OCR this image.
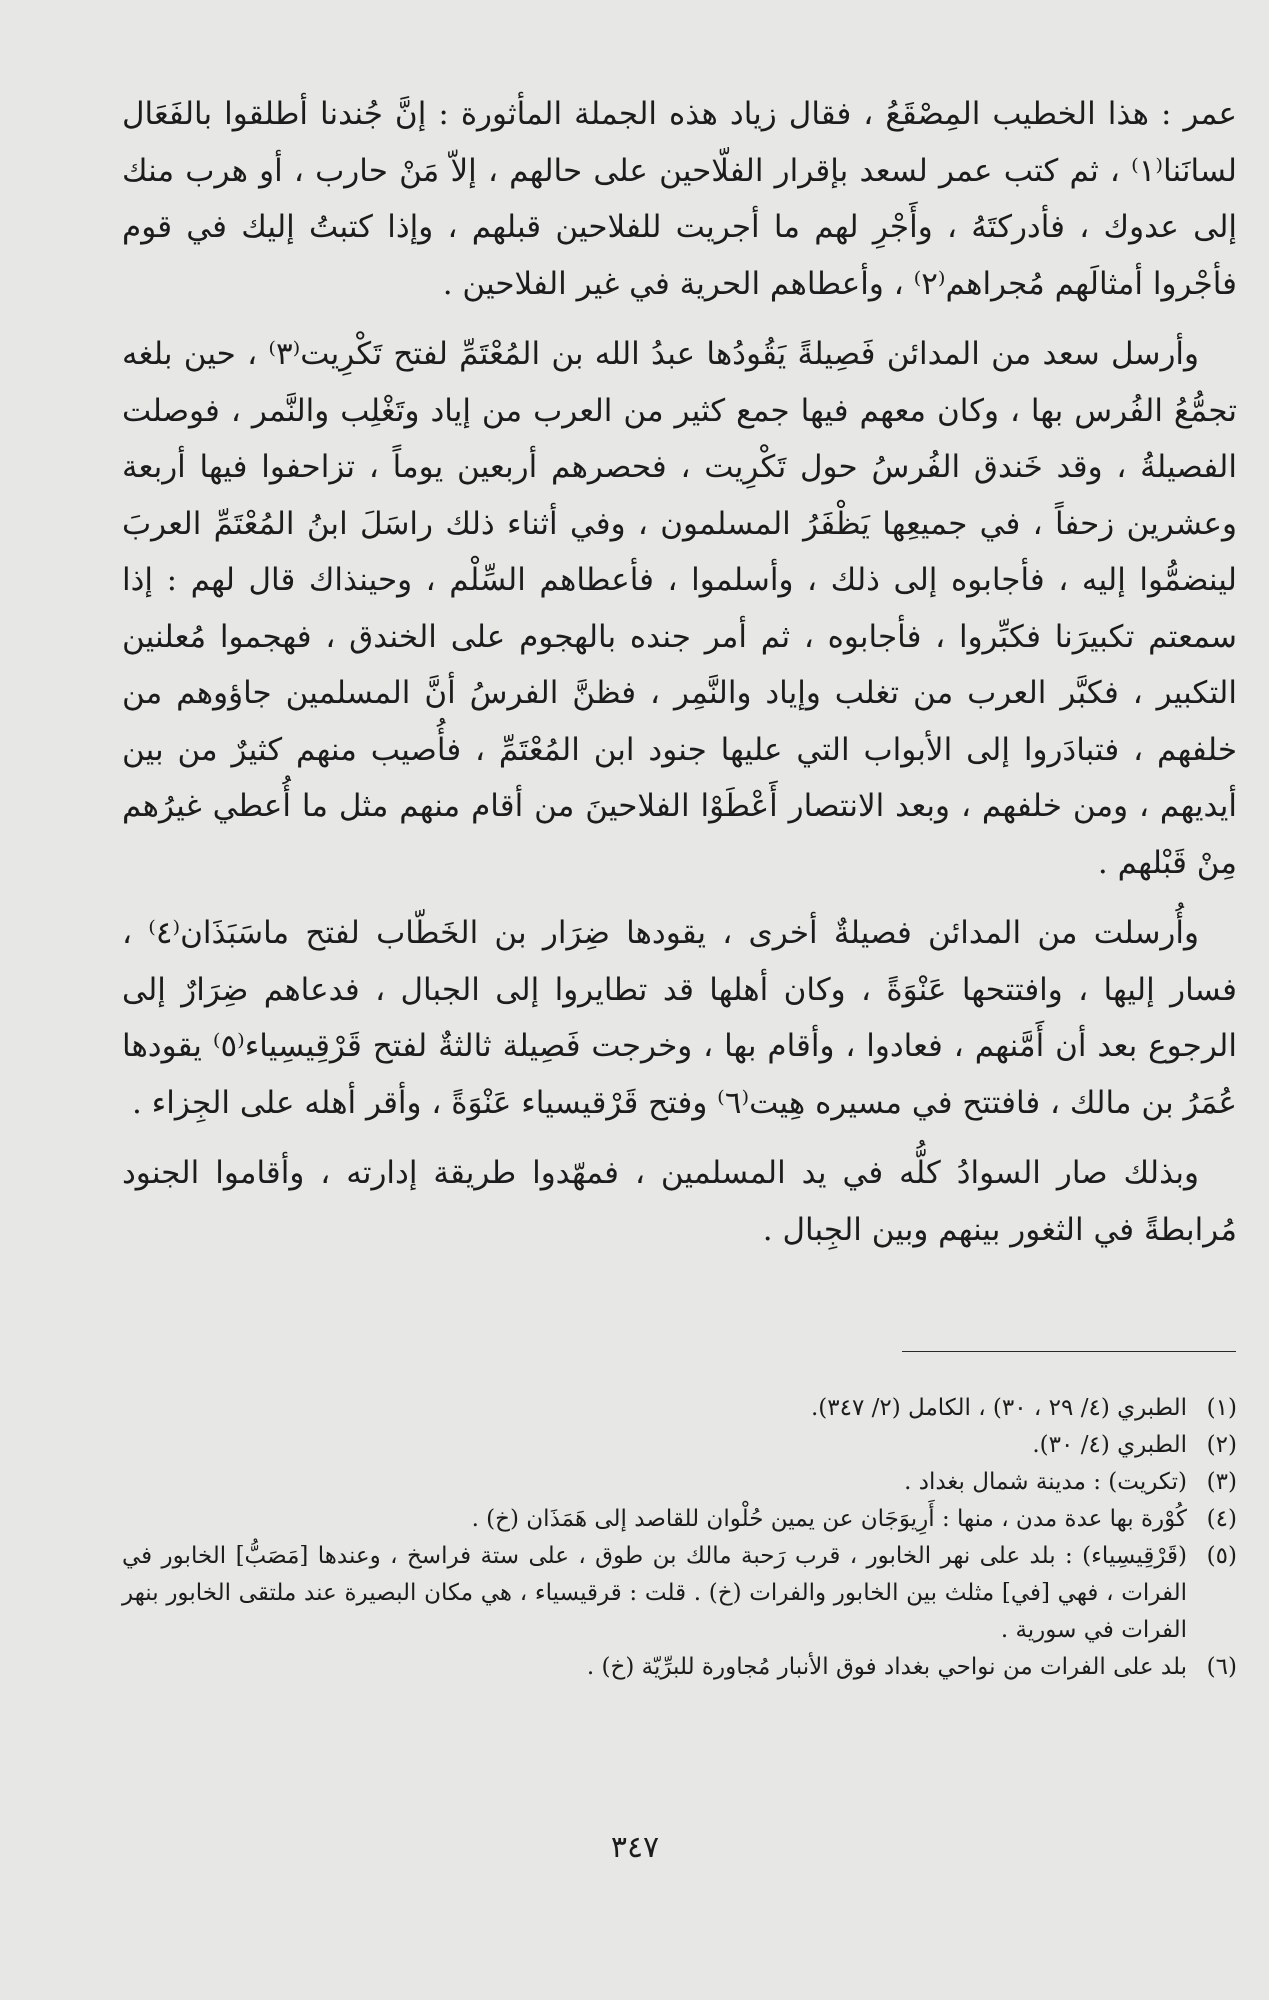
عمر : هذا الخطيب المِصْقَعُ ، فقال زياد هذه الجملة المأثورة : إنَّ جُندنا أطلقوا بالفَعَال لسانَنا⁽١⁾ ، ثم كتب عمر لسعد بإقرار الفلّاحين على حالهم ، إلاّ مَنْ حارب ، أو هرب منك إلى عدوك ، فأدركتَهُ ، وأَجْرِ لهم ما أجريت للفلاحين قبلهم ، وإذا كتبتُ إليك في قوم فأجْروا أمثالَهم مُجراهم⁽٢⁾ ، وأعطاهم الحرية في غير الفلاحين .

وأرسل سعد من المدائن فَصِيلةً يَقُودُها عبدُ الله بن المُعْتَمِّ لفتح تَكْرِيت⁽٣⁾ ، حين بلغه تجمُّعُ الفُرس بها ، وكان معهم فيها جمع كثير من العرب من إياد وتَغْلِب والنَّمر ، فوصلت الفصيلةُ ، وقد خَندق الفُرسُ حول تَكْرِيت ، فحصرهم أربعين يوماً ، تزاحفوا فيها أربعة وعشرين زحفاً ، في جميعِها يَظْفَرُ المسلمون ، وفي أثناء ذلك راسَلَ ابنُ المُعْتَمِّ العربَ لينضمُّوا إليه ، فأجابوه إلى ذلك ، وأسلموا ، فأعطاهم السِّلْم ، وحينذاك قال لهم : إذا سمعتم تكبيرَنا فكبِّروا ، فأجابوه ، ثم أمر جنده بالهجوم على الخندق ، فهجموا مُعلنين التكبير ، فكبَّر العرب من تغلب وإياد والنَّمِر ، فظنَّ الفرسُ أنَّ المسلمين جاؤوهم من خلفهم ، فتبادَروا إلى الأبواب التي عليها جنود ابن المُعْتَمِّ ، فأُصيب منهم كثيرٌ من بين أيديهم ، ومن خلفهم ، وبعد الانتصار أَعْطَوْا الفلاحينَ من أقام منهم مثل ما أُعطي غيرُهم مِنْ قَبْلهم .

وأُرسلت من المدائن فصيلةٌ أخرى ، يقودها ضِرَار بن الخَطّاب لفتح ماسَبَذَان⁽٤⁾ ، فسار إليها ، وافتتحها عَنْوَةً ، وكان أهلها قد تطايروا إلى الجبال ، فدعاهم ضِرَارٌ إلى الرجوع بعد أن أَمَّنهم ، فعادوا ، وأقام بها ، وخرجت فَصِيلة ثالثةٌ لفتح قَرْقِيسِياء⁽٥⁾ يقودها عُمَرُ بن مالك ، فافتتح في مسيره هِيت⁽٦⁾ وفتح قَرْقيسياء عَنْوَةً ، وأقر أهله على الجِزاء .

وبذلك صار السوادُ كلُّه في يد المسلمين ، فمهّدوا طريقة إدارته ، وأقاموا الجنود مُرابطةً في الثغور بينهم وبين الجِبال .

(١)
الطبري (٤/ ٢٩ ، ٣٠) ، الكامل (٢/ ٣٤٧).
(٢)
الطبري (٤/ ٣٠).
(٣)
(تكريت) : مدينة شمال بغداد .
(٤)
كُوْرة بها عدة مدن ، منها : أَرِيوَجَان عن يمين حُلْوان للقاصد إلى هَمَذَان (خ) .
(٥)
(قَرْقِيسِياء) : بلد على نهر الخابور ، قرب رَحبة مالك بن طوق ، على ستة فراسخ ، وعندها [مَصَبُّ] الخابور في الفرات ، فهي [في] مثلث بين الخابور والفرات (خ) . قلت : قرقيسياء ، هي مكان البصيرة عند ملتقى الخابور بنهر الفرات في سورية .
(٦)
بلد على الفرات من نواحي بغداد فوق الأنبار مُجاورة للبرِّيّة (خ) .
٣٤٧
